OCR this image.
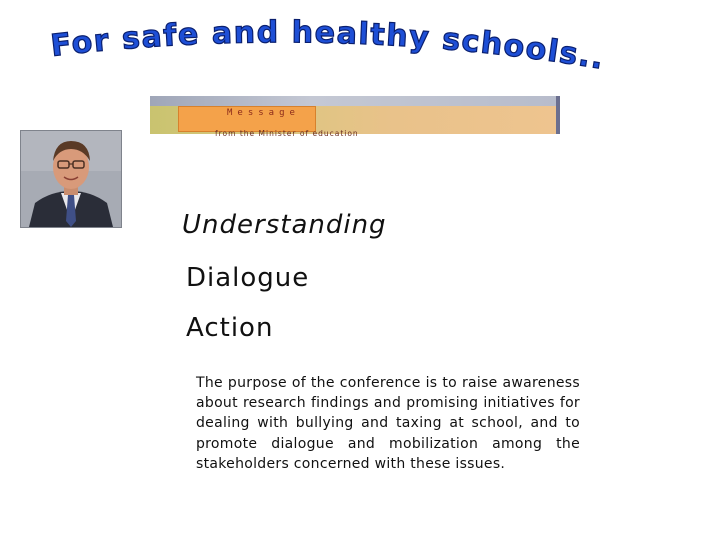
For safe and healthy schools..
Message
from the Minister of education
Understanding
Dialogue
Action
The purpose of the conference is to raise awareness about research findings and promising initiatives for dealing with bullying and taxing at school, and to promote dialogue and mobilization among the stakeholders concerned with these issues.
